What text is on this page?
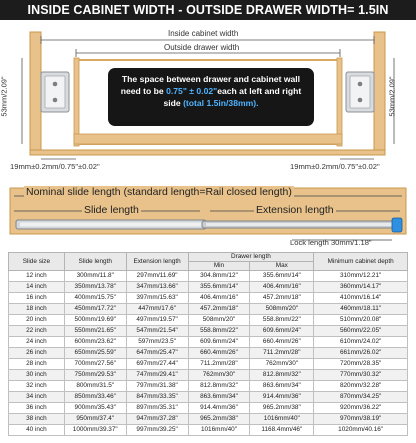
INSIDE CABINET WIDTH - OUTSIDE DRAWER WIDTH= 1.5IN
Inside cabinet width
Outside drawer width
53mm/2.09"	53mm/2.09"
19mm±0.2mm/0.75"±0.02"	19mm±0.2mm/0.75"±0.02"
The space between drawer and cabinet wall
need to be 0.75" ± 0.02"each at left and right
side (total 1.5in/38mm).
Nominal slide length (standard length=Rail closed length)
Slide length	Extension length
Lock length 30mm/1.18"
Slide size	Slide length	Extension length	Drawer length		Minimum cabinet depth
			Min	Max	
12 inch	300mm/11.8"	297mm/11.69"	304.8mm/12"	355.6mm/14"	310mm/12.21"
14 inch	350mm/13.78"	347mm/13.66"	355.6mm/14"	406.4mm/16"	360mm/14.17"
16 inch	400mm/15.75"	397mm/15.63"	406.4mm/16"	457.2mm/18"	410mm/16.14"
18 inch	450mm/17.72"	447mm/17.6"	457.2mm/18"	508mm/20"	460mm/18.11"
20 inch	500mm/19.69"	497mm/19.57"	508mm/20"	558.8mm/22"	510mm/20.08"
22 inch	550mm/21.65"	547mm/21.54"	558.8mm/22"	609.6mm/24"	560mm/22.05"
24 inch	600mm/23.62"	597mm/23.5"	609.6mm/24"	660.4mm/26"	610mm/24.02"
26 inch	650mm/25.59"	647mm/25.47"	660.4mm/26"	711.2mm/28"	661mm/26.02"
28 inch	700mm/27.56"	697mm/27.44"	711.2mm/28"	762mm/30"	720mm/28.35"
30 inch	750mm/29.53"	747mm/29.41"	762mm/30"	812.8mm/32"	770mm/30.32"
32 inch	800mm/31.5"	797mm/31.38"	812.8mm/32"	863.6mm/34"	820mm/32.28"
34 inch	850mm/33.46"	847mm/33.35"	863.6mm/34"	914.4mm/36"	870mm/34.25"
36 inch	900mm/35.43"	897mm/35.31"	914.4mm/36"	965.2mm/38"	920mm/36.22"
38 inch	950mm/37.4"	947mm/37.28"	965.2mm/38"	1016mm/40"	970mm/38.19"
40 inch	1000mm/39.37"	997mm/39.25"	1016mm/40"	1168.4mm/46"	1020mm/40.16"
